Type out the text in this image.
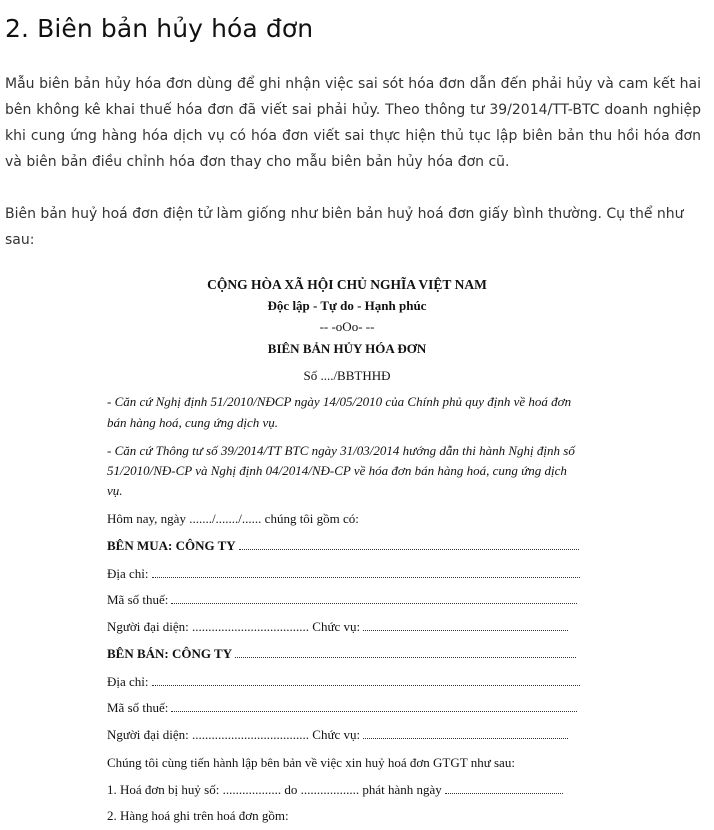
2. Biên bản hủy hóa đơn

Mẫu biên bản hủy hóa đơn dùng để ghi nhận việc sai sót hóa đơn dẫn đến phải hủy và cam kết hai bên không kê khai thuế hóa đơn đã viết sai phải hủy. Theo thông tư 39/2014/TT-BTC doanh nghiệp khi cung ứng hàng hóa dịch vụ có hóa đơn viết sai thực hiện thủ tục lập biên bản thu hồi hóa đơn và biên bản điều chỉnh hóa đơn thay cho mẫu biên bản hủy hóa đơn cũ.

Biên bản huỷ hoá đơn điện tử làm giống như biên bản huỷ hoá đơn giấy bình thường. Cụ thể như sau:

CỘNG HÒA XÃ HỘI CHỦ NGHĨA VIỆT NAM
Độc lập - Tự do - Hạnh phúc
-- -oOo- --
BIÊN BẢN HỦY HÓA ĐƠN
Số ..../BBTHHĐ
- Căn cứ Nghị định 51/2010/NĐCP ngày 14/05/2010 của Chính phủ quy định về hoá đơn
bán hàng hoá, cung ứng dịch vụ.
- Căn cứ Thông tư số 39/2014/TT BTC ngày 31/03/2014 hướng dẫn thi hành Nghị định số
51/2010/NĐ-CP và Nghị định 04/2014/NĐ-CP về hóa đơn bán hàng hoá, cung ứng dịch
vụ.
Hôm nay, ngày ......./......./...... chúng tôi gồm có:
BÊN MUA: CÔNG TY
Địa chỉ:
Mã số thuế:
Người đại diện: .................................... Chức vụ:
BÊN BÁN: CÔNG TY
Địa chỉ:
Mã số thuế:
Người đại diện: .................................... Chức vụ:
Chúng tôi cùng tiến hành lập bên bản về việc xin huỷ hoá đơn GTGT như sau:
1. Hoá đơn bị huỷ số: .................. do .................. phát hành ngày
2. Hàng hoá ghi trên hoá đơn gồm:
